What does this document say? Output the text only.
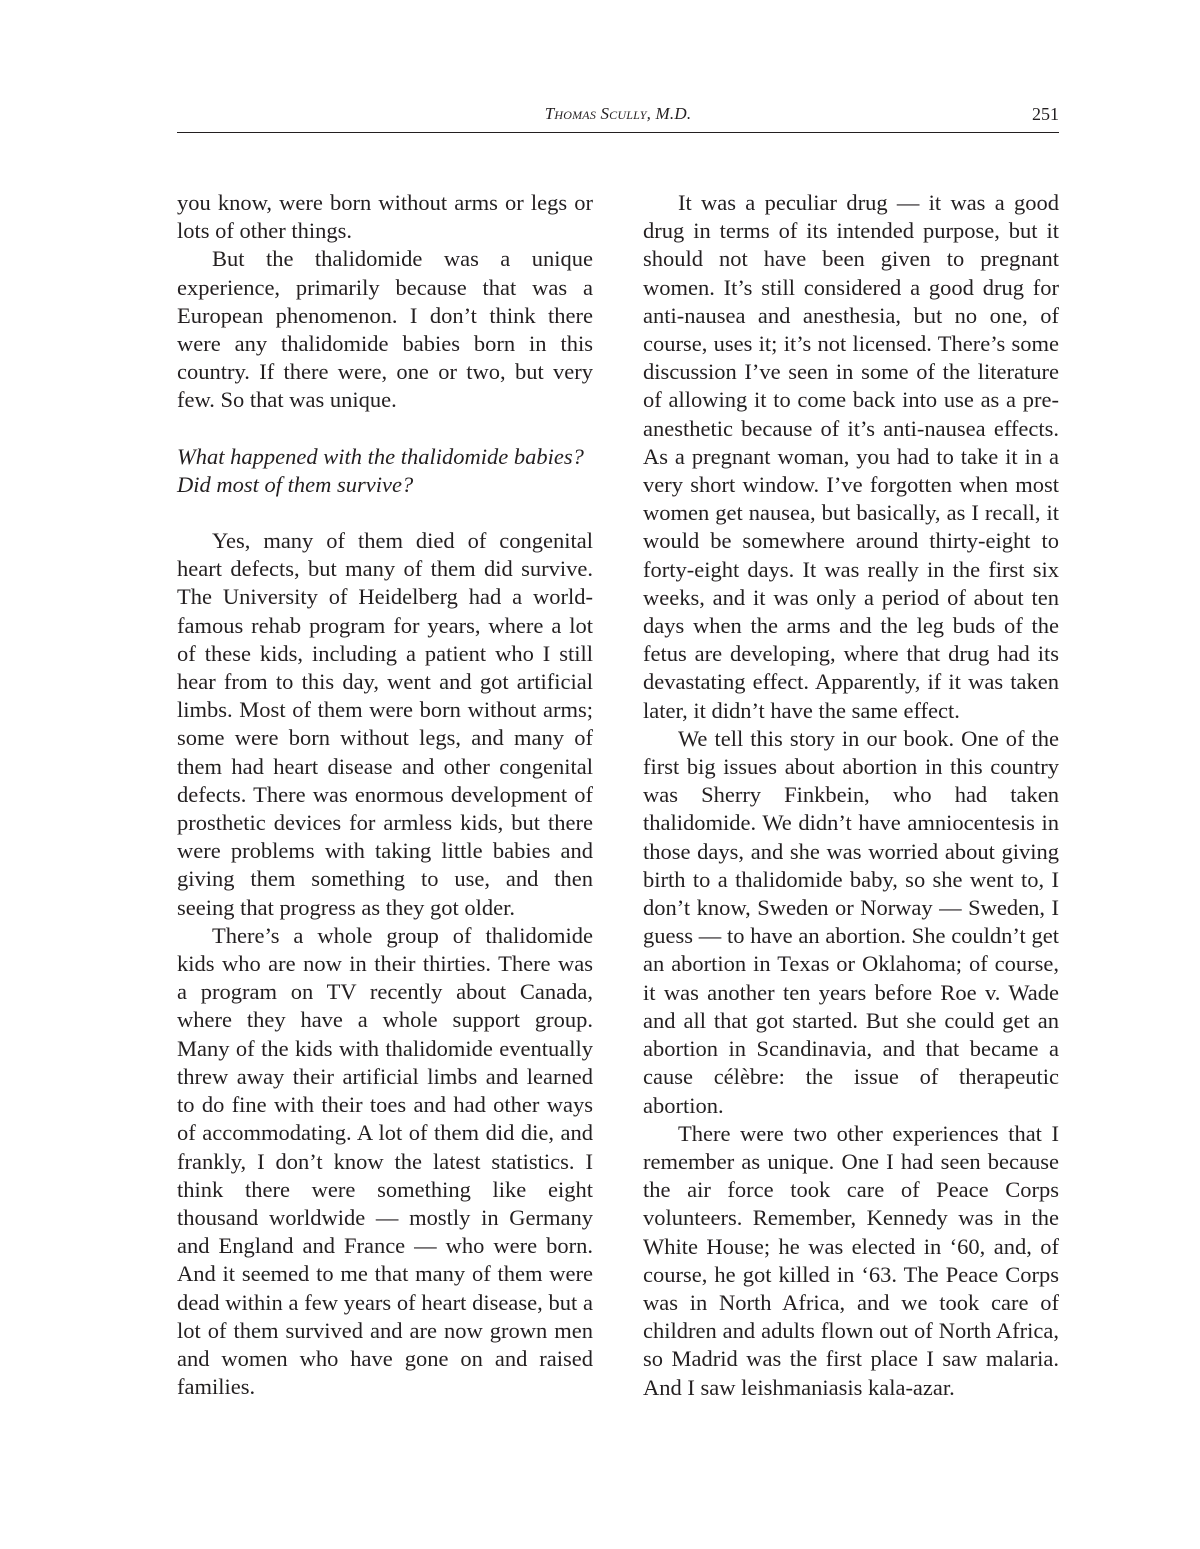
Thomas Scully, M.D.	251

you know, were born without arms or legs or lots of other things.

But the thalidomide was a unique experience, primarily because that was a European phenomenon. I don’t think there were any thalidomide babies born in this country. If there were, one or two, but very few. So that was unique.

What happened with the thalidomide babies? Did most of them survive?

Yes, many of them died of congenital heart defects, but many of them did survive. The University of Heidelberg had a world-famous rehab program for years, where a lot of these kids, including a patient who I still hear from to this day, went and got artificial limbs. Most of them were born without arms; some were born without legs, and many of them had heart disease and other congenital defects. There was enormous development of prosthetic devices for armless kids, but there were problems with taking little babies and giving them something to use, and then seeing that progress as they got older.

There’s a whole group of thalidomide kids who are now in their thirties. There was a program on TV recently about Canada, where they have a whole support group. Many of the kids with thalidomide eventually threw away their artificial limbs and learned to do fine with their toes and had other ways of accommodating. A lot of them did die, and frankly, I don’t know the latest statistics. I think there were something like eight thousand worldwide — mostly in Germany and England and France — who were born. And it seemed to me that many of them were dead within a few years of heart disease, but a lot of them survived and are now grown men and women who have gone on and raised families.

It was a peculiar drug — it was a good drug in terms of its intended purpose, but it should not have been given to pregnant women. It’s still considered a good drug for anti-nausea and anesthesia, but no one, of course, uses it; it’s not licensed. There’s some discussion I’ve seen in some of the literature of allowing it to come back into use as a pre-anesthetic because of it’s anti-nausea effects. As a pregnant woman, you had to take it in a very short window. I’ve forgotten when most women get nausea, but basically, as I recall, it would be somewhere around thirty-eight to forty-eight days. It was really in the first six weeks, and it was only a period of about ten days when the arms and the leg buds of the fetus are developing, where that drug had its devastating effect. Apparently, if it was taken later, it didn’t have the same effect.

We tell this story in our book. One of the first big issues about abortion in this country was Sherry Finkbein, who had taken thalidomide. We didn’t have amniocentesis in those days, and she was worried about giving birth to a thalidomide baby, so she went to, I don’t know, Sweden or Norway — Sweden, I guess — to have an abortion. She couldn’t get an abortion in Texas or Oklahoma; of course, it was another ten years before Roe v. Wade and all that got started. But she could get an abortion in Scandinavia, and that became a cause célèbre: the issue of therapeutic abortion.

There were two other experiences that I remember as unique. One I had seen because the air force took care of Peace Corps volunteers. Remember, Kennedy was in the White House; he was elected in ‘60, and, of course, he got killed in ‘63. The Peace Corps was in North Africa, and we took care of children and adults flown out of North Africa, so Madrid was the first place I saw malaria. And I saw leishmaniasis kala-azar.
